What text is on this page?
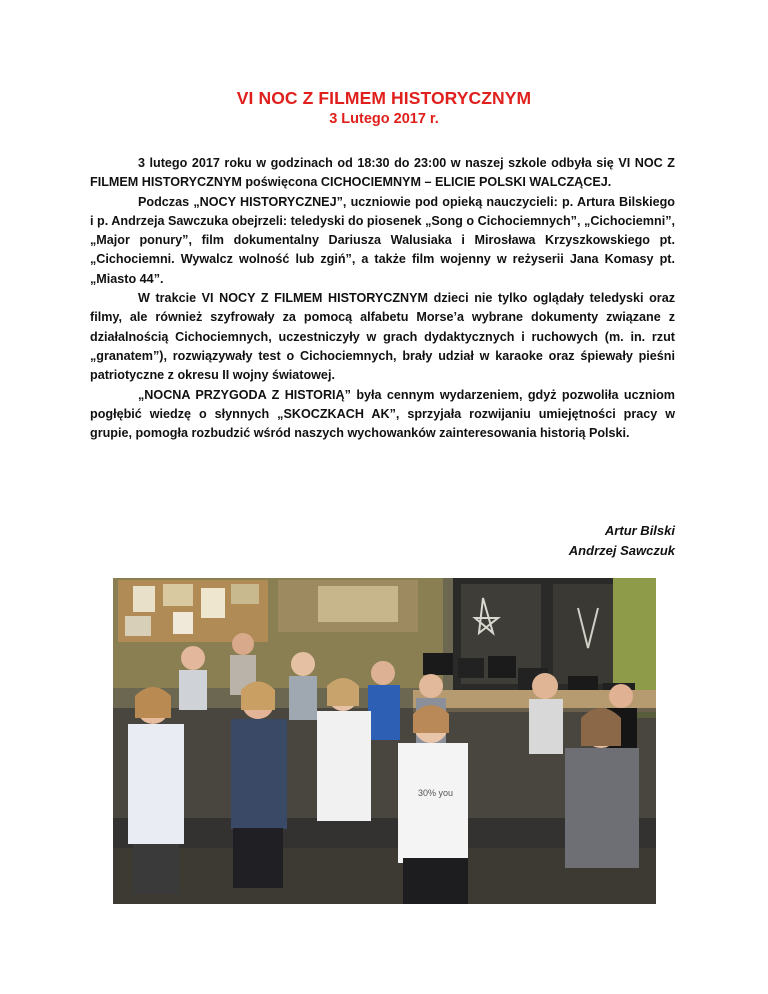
VI NOC Z FILMEM HISTORYCZNYM
3 Lutego 2017 r.

3 lutego 2017 roku w godzinach od 18:30 do 23:00 w naszej szkole odbyła się VI NOC Z FILMEM HISTORYCZNYM poświęcona CICHOCIEMNYM – ELICIE POLSKI WALCZĄCEJ.

Podczas „NOCY HISTORYCZNEJ”, uczniowie pod opieką nauczycieli: p. Artura Bilskiego i p. Andrzeja Sawczuka obejrzeli: teledyski do piosenek „Song o Cichociemnych”, „Cichociemni”, „Major ponury”, film dokumentalny Dariusza Walusiaka i Mirosława Krzyszkowskiego pt. „Cichociemni. Wywalcz wolność lub zgiń”, a także film wojenny w reżyserii Jana Komasy pt. „Miasto 44”.

W trakcie VI NOCY Z FILMEM HISTORYCZNYM dzieci nie tylko oglądały teledyski oraz filmy, ale również szyfrowały za pomocą alfabetu Morse’a wybrane dokumenty związane z działalnością Cichociemnych, uczestniczyły w grach dydaktycznych i ruchowych (m. in. rzut „granatem”), rozwiązywały test o Cichociemnych, brały udział w karaoke oraz śpiewały pieśni patriotyczne z okresu II wojny światowej.

„NOCNA PRZYGODA Z HISTORIĄ” była cennym wydarzeniem, gdyż pozwoliła uczniom pogłębić wiedzę o słynnych „SKOCZKACH AK”, sprzyjała rozwijaniu umiejętności pracy w grupie, pomogła rozbudzić wśród naszych wychowanków zainteresowania historią Polski.

Artur Bilski
Andrzej Sawczuk
30% you
